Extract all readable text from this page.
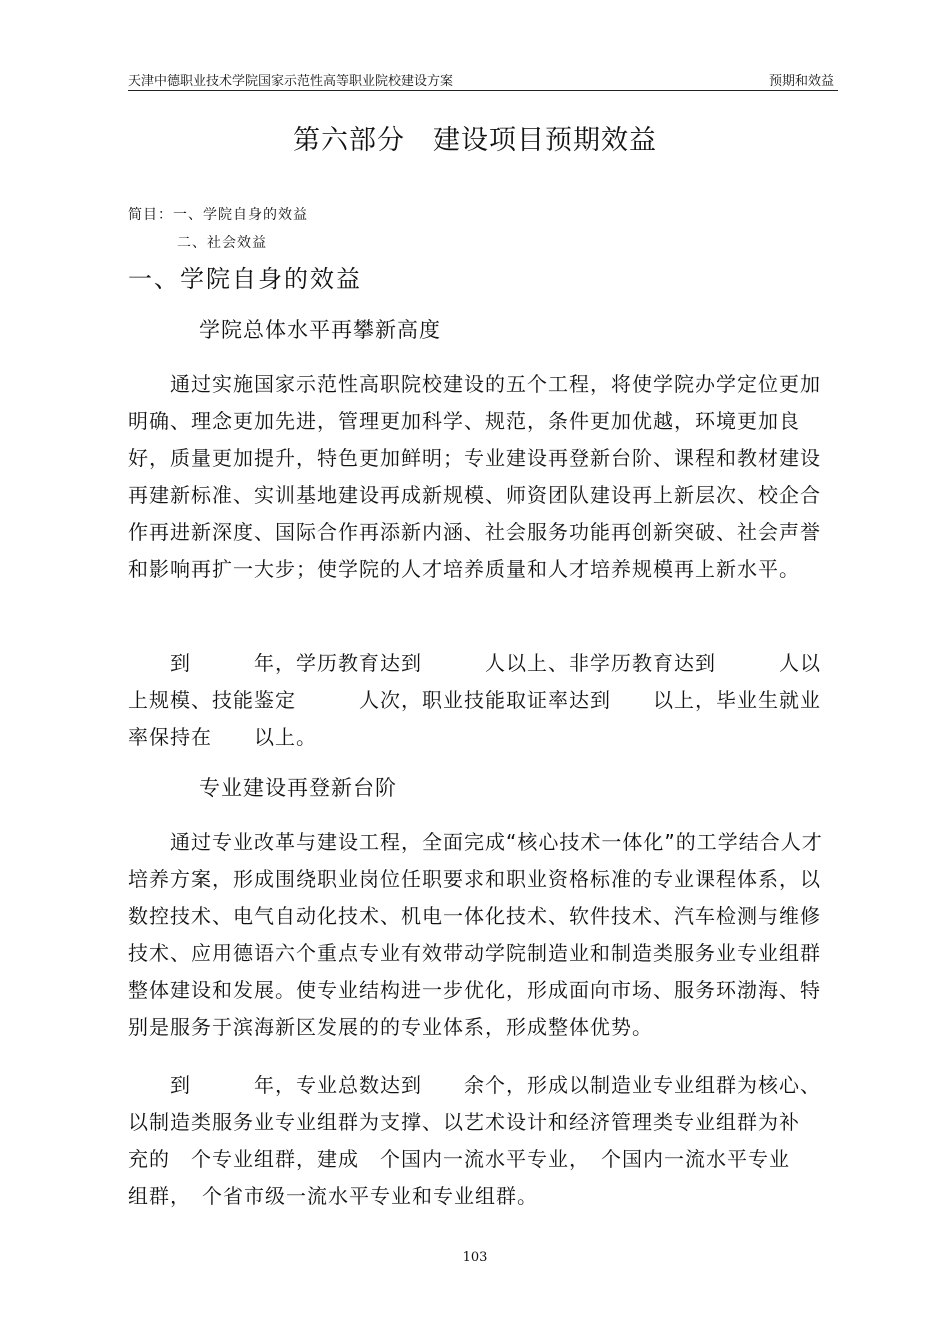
天津中德职业技术学院国家示范性高等职业院校建设方案	预期和效益
第六部分　建设项目预期效益
简目：一、学院自身的效益
二、社会效益
一、学院自身的效益
学院总体水平再攀新高度
　　通过实施国家示范性高职院校建设的五个工程，将使学院办学定位更加明确、理念更加先进，管理更加科学、规范，条件更加优越，环境更加良好，质量更加提升，特色更加鲜明；专业建设再登新台阶、课程和教材建设再建新标准、实训基地建设再成新规模、师资团队建设再上新层次、校企合作再进新深度、国际合作再添新内涵、社会服务功能再创新突破、社会声誉和影响再扩一大步；使学院的人才培养质量和人才培养规模再上新水平。
　　到　　　年，学历教育达到　　　人以上、非学历教育达到　　　人以
上规模、技能鉴定　　　人次，职业技能取证率达到　　以上，毕业生就业
率保持在　　以上。
专业建设再登新台阶
　　通过专业改革与建设工程，全面完成“核心技术一体化”的工学结合人才培养方案，形成围绕职业岗位任职要求和职业资格标准的专业课程体系，以数控技术、电气自动化技术、机电一体化技术、软件技术、汽车检测与维修技术、应用德语六个重点专业有效带动学院制造业和制造类服务业专业组群整体建设和发展。使专业结构进一步优化，形成面向市场、服务环渤海、特别是服务于滨海新区发展的的专业体系，形成整体优势。
　　到　　　年，专业总数达到　　余个，形成以制造业专业组群为核心、
以制造类服务业专业组群为支撑、以艺术设计和经济管理类专业组群为补
充的　个专业组群，建成　个国内一流水平专业，　个国内一流水平专业
组群，　个省市级一流水平专业和专业组群。
103
